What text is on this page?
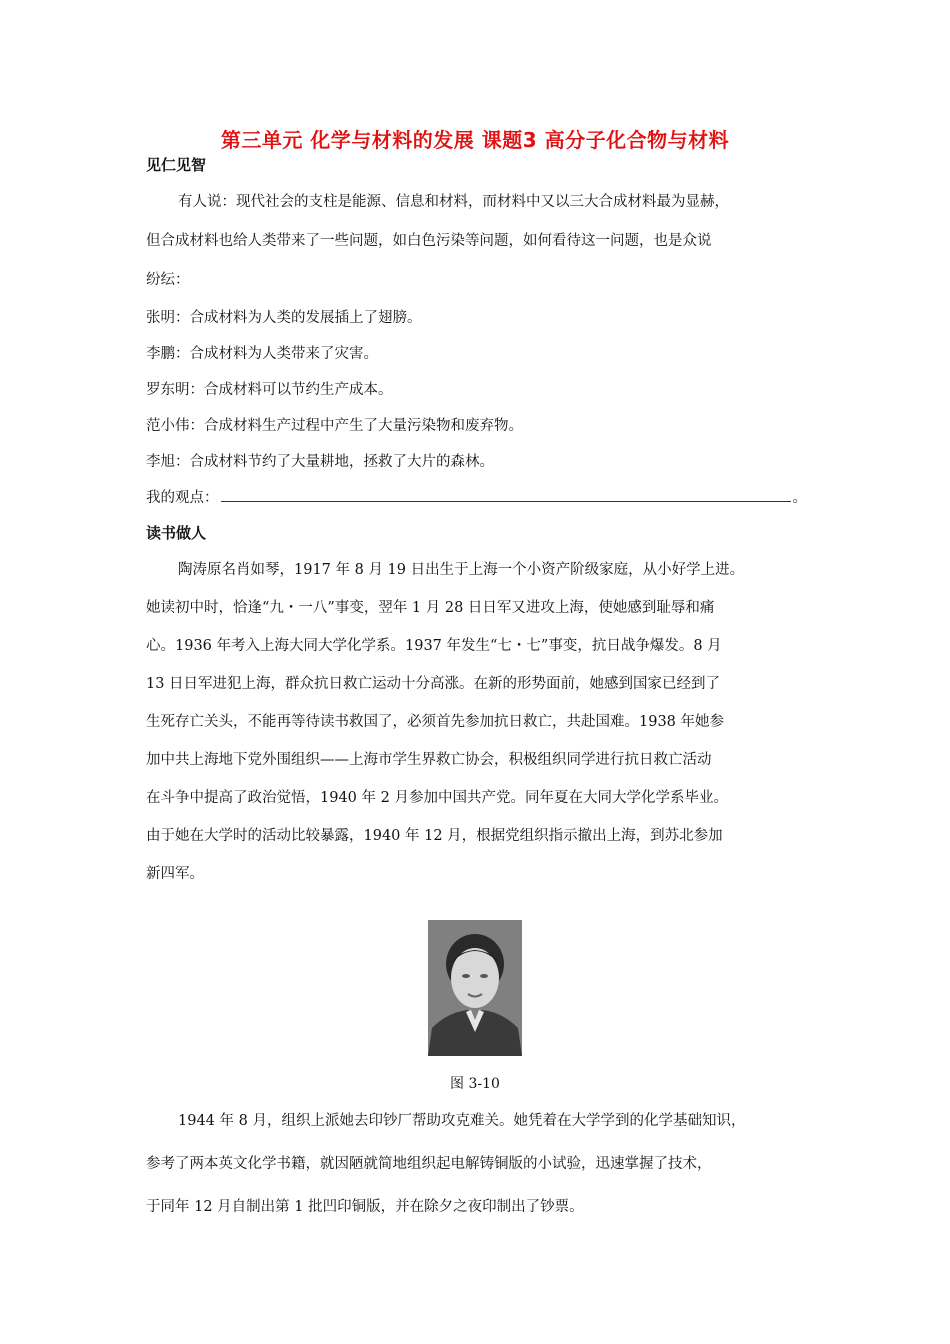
第三单元 化学与材料的发展 课题3 高分子化合物与材料
见仁见智
有人说：现代社会的支柱是能源、信息和材料，而材料中又以三大合成材料最为显赫，
但合成材料也给人类带来了一些问题，如白色污染等问题，如何看待这一问题，也是众说
纷纭：
张明：合成材料为人类的发展插上了翅膀。
李鹏：合成材料为人类带来了灾害。
罗东明：合成材料可以节约生产成本。
范小伟：合成材料生产过程中产生了大量污染物和废弃物。
李旭：合成材料节约了大量耕地，拯救了大片的森林。
我的观点：	。
读书做人
陶涛原名肖如琴，1917 年 8 月 19 日出生于上海一个小资产阶级家庭，从小好学上进。
她读初中时，恰逢“九・一八”事变，翌年 1 月 28 日日军又进攻上海，使她感到耻辱和痛
心。1936 年考入上海大同大学化学系。1937 年发生“七・七”事变，抗日战争爆发。8 月
13 日日军进犯上海，群众抗日救亡运动十分高涨。在新的形势面前，她感到国家已经到了
生死存亡关头，不能再等待读书救国了，必须首先参加抗日救亡，共赴国难。1938 年她参
加中共上海地下党外围组织——上海市学生界救亡协会，积极组织同学进行抗日救亡活动
在斗争中提高了政治觉悟，1940 年 2 月参加中国共产党。同年夏在大同大学化学系毕业。
由于她在大学时的活动比较暴露，1940 年 12 月，根据党组织指示撤出上海，到苏北参加
新四军。
图 3-10
1944 年 8 月，组织上派她去印钞厂帮助攻克难关。她凭着在大学学到的化学基础知识，
参考了两本英文化学书籍，就因陋就简地组织起电解铸铜版的小试验，迅速掌握了技术，
于同年 12 月自制出第 1 批凹印铜版，并在除夕之夜印制出了钞票。
